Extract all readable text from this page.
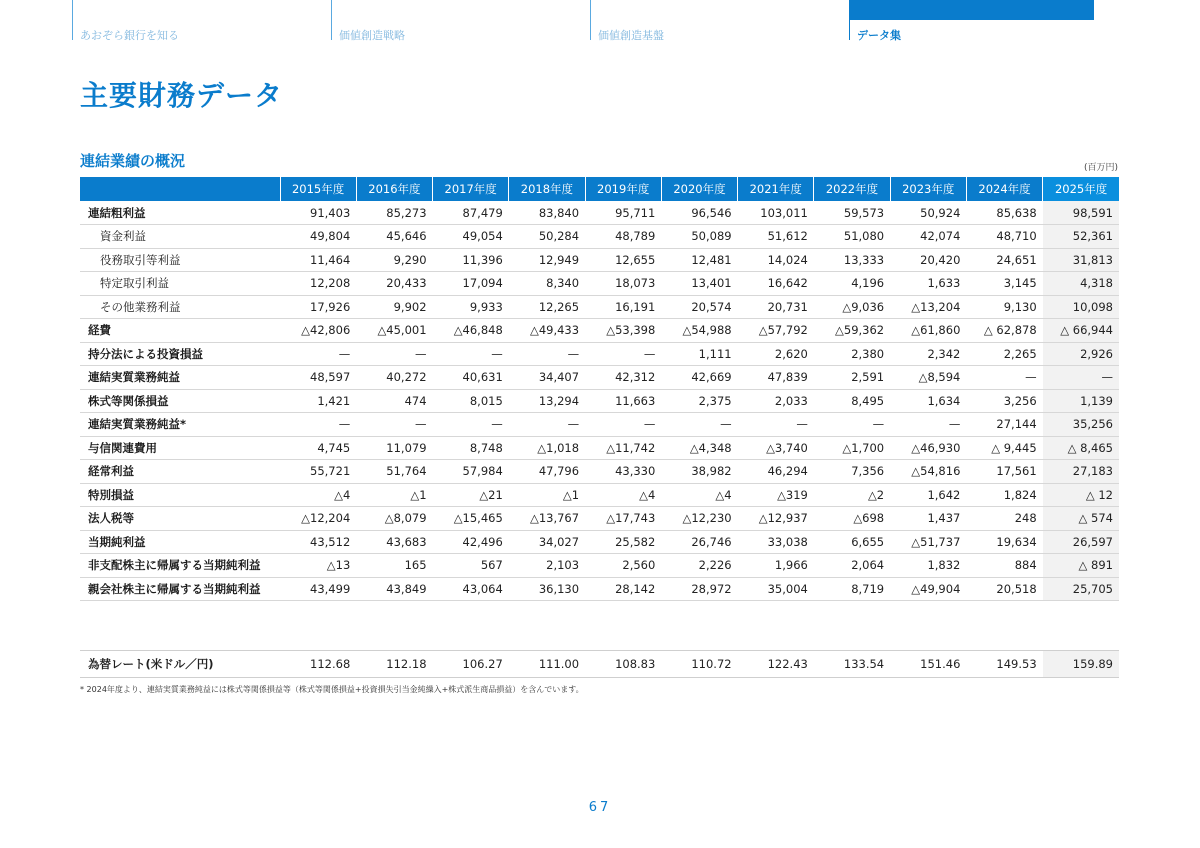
あおぞら銀行を知る	価値創造戦略	価値創造基盤	データ集
主要財務データ
連結業績の概況	(百万円)
	2015年度	2016年度	2017年度	2018年度	2019年度	2020年度	2021年度	2022年度	2023年度	2024年度	2025年度
連結粗利益	91,403	85,273	87,479	83,840	95,711	96,546	103,011	59,573	50,924	85,638	98,591
資金利益	49,804	45,646	49,054	50,284	48,789	50,089	51,612	51,080	42,074	48,710	52,361
役務取引等利益	11,464	9,290	11,396	12,949	12,655	12,481	14,024	13,333	20,420	24,651	31,813
特定取引利益	12,208	20,433	17,094	8,340	18,073	13,401	16,642	4,196	1,633	3,145	4,318
その他業務利益	17,926	9,902	9,933	12,265	16,191	20,574	20,731	△9,036	△13,204	9,130	10,098
経費	△42,806	△45,001	△46,848	△49,433	△53,398	△54,988	△57,792	△59,362	△61,860	△ 62,878	△ 66,944
持分法による投資損益	—	—	—	—	—	1,111	2,620	2,380	2,342	2,265	2,926
連結実質業務純益	48,597	40,272	40,631	34,407	42,312	42,669	47,839	2,591	△8,594	—	—
株式等関係損益	1,421	474	8,015	13,294	11,663	2,375	2,033	8,495	1,634	3,256	1,139
連結実質業務純益*	—	—	—	—	—	—	—	—	—	27,144	35,256
与信関連費用	4,745	11,079	8,748	△1,018	△11,742	△4,348	△3,740	△1,700	△46,930	△ 9,445	△ 8,465
経常利益	55,721	51,764	57,984	47,796	43,330	38,982	46,294	7,356	△54,816	17,561	27,183
特別損益	△4	△1	△21	△1	△4	△4	△319	△2	1,642	1,824	△ 12
法人税等	△12,204	△8,079	△15,465	△13,767	△17,743	△12,230	△12,937	△698	1,437	248	△ 574
当期純利益	43,512	43,683	42,496	34,027	25,582	26,746	33,038	6,655	△51,737	19,634	26,597
非支配株主に帰属する当期純利益	△13	165	567	2,103	2,560	2,226	1,966	2,064	1,832	884	△ 891
親会社株主に帰属する当期純利益	43,499	43,849	43,064	36,130	28,142	28,972	35,004	8,719	△49,904	20,518	25,705
為替レート(米ドル／円)	112.68	112.18	106.27	111.00	108.83	110.72	122.43	133.54	151.46	149.53	159.89
* 2024年度より、連結実質業務純益には株式等関係損益等（株式等関係損益+投資損失引当金純繰入+株式派生商品損益）を含んでいます。
67
